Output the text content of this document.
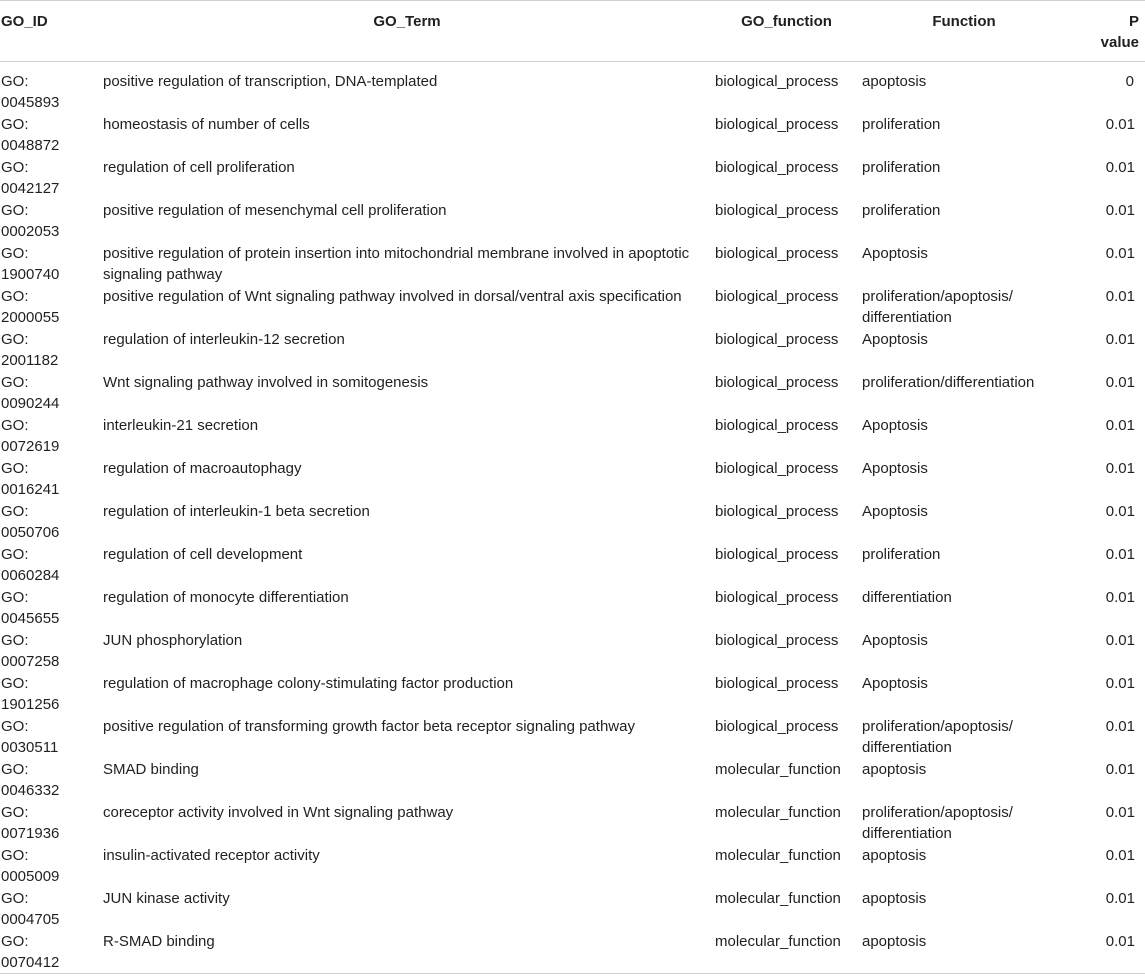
GO_ID	GO_Term	GO_function	Function	P
value

GO:
0045893	positive regulation of transcription, DNA-templated	biological_process	apoptosis	0

GO:
0048872	homeostasis of number of cells	biological_process	proliferation	0.01

GO:
0042127	regulation of cell proliferation	biological_process	proliferation	0.01

GO:
0002053	positive regulation of mesenchymal cell proliferation	biological_process	proliferation	0.01

GO:
1900740	positive regulation of protein insertion into mitochondrial membrane involved in apoptotic signaling pathway	biological_process	Apoptosis	0.01

GO:
2000055	positive regulation of Wnt signaling pathway involved in dorsal/ventral axis specification	biological_process	proliferation/apoptosis/ differentiation	0.01

GO:
2001182	regulation of interleukin-12 secretion	biological_process	Apoptosis	0.01

GO:
0090244	Wnt signaling pathway involved in somitogenesis	biological_process	proliferation/differentiation	0.01

GO:
0072619	interleukin-21 secretion	biological_process	Apoptosis	0.01

GO:
0016241	regulation of macroautophagy	biological_process	Apoptosis	0.01

GO:
0050706	regulation of interleukin-1 beta secretion	biological_process	Apoptosis	0.01

GO:
0060284	regulation of cell development	biological_process	proliferation	0.01

GO:
0045655	regulation of monocyte differentiation	biological_process	differentiation	0.01

GO:
0007258	JUN phosphorylation	biological_process	Apoptosis	0.01

GO:
1901256	regulation of macrophage colony-stimulating factor production	biological_process	Apoptosis	0.01

GO:
0030511	positive regulation of transforming growth factor beta receptor signaling pathway	biological_process	proliferation/apoptosis/ differentiation	0.01

GO:
0046332	SMAD binding	molecular_function	apoptosis	0.01

GO:
0071936	coreceptor activity involved in Wnt signaling pathway	molecular_function	proliferation/apoptosis/ differentiation	0.01

GO:
0005009	insulin-activated receptor activity	molecular_function	apoptosis	0.01

GO:
0004705	JUN kinase activity	molecular_function	apoptosis	0.01

GO:
0070412	R-SMAD binding	molecular_function	apoptosis	0.01
